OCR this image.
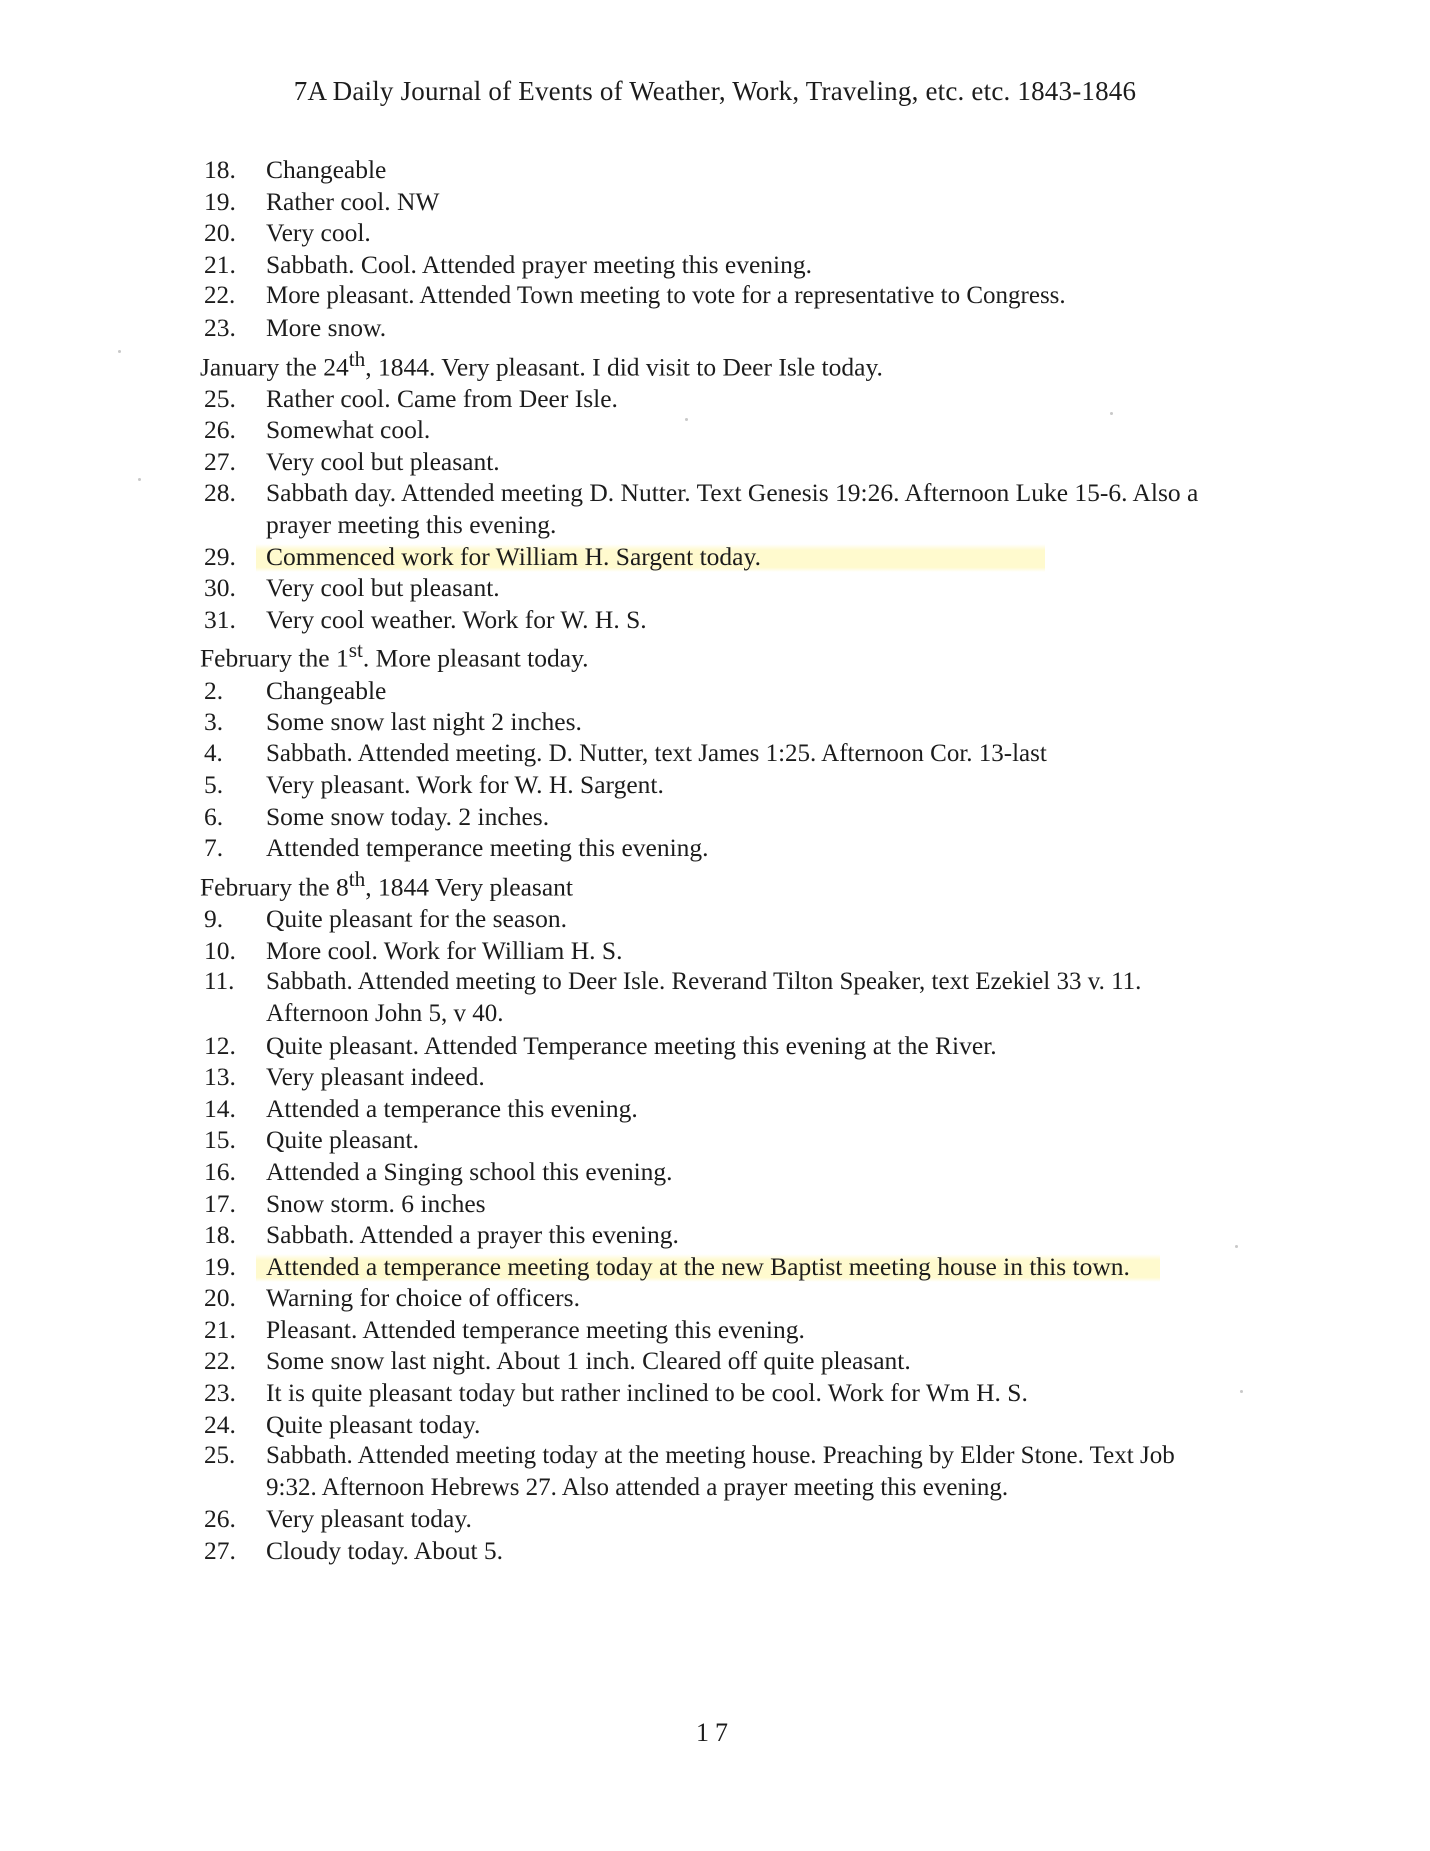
7A Daily Journal of Events of Weather, Work, Traveling, etc. etc. 1843-1846
18.	Changeable
19.	Rather cool. NW
20.	Very cool.
21.	Sabbath. Cool. Attended prayer meeting this evening.
22.	More pleasant. Attended Town meeting to vote for a representative to Congress.
23.	More snow.
January the 24th, 1844. Very pleasant. I did visit to Deer Isle today.
25.	Rather cool. Came from Deer Isle.
26.	Somewhat cool.
27.	Very cool but pleasant.
28.	Sabbath day. Attended meeting D. Nutter. Text Genesis 19:26. Afternoon Luke 15-6. Also a prayer meeting this evening.
29.	Commenced work for William H. Sargent today.
30.	Very cool but pleasant.
31.	Very cool weather. Work for W. H. S.
February the 1st. More pleasant today.
2.	Changeable
3.	Some snow last night 2 inches.
4.	Sabbath. Attended meeting. D. Nutter, text James 1:25. Afternoon Cor. 13-last
5.	Very pleasant. Work for W. H. Sargent.
6.	Some snow today. 2 inches.
7.	Attended temperance meeting this evening.
February the 8th, 1844 Very pleasant
9.	Quite pleasant for the season.
10.	More cool. Work for William H. S.
11.	Sabbath. Attended meeting to Deer Isle. Reverand Tilton Speaker, text Ezekiel 33 v. 11. Afternoon John 5, v 40.
12.	Quite pleasant. Attended Temperance meeting this evening at the River.
13.	Very pleasant indeed.
14.	Attended a temperance this evening.
15.	Quite pleasant.
16.	Attended a Singing school this evening.
17.	Snow storm. 6 inches
18.	Sabbath. Attended a prayer this evening.
19.	Attended a temperance meeting today at the new Baptist meeting house in this town.
20.	Warning for choice of officers.
21.	Pleasant. Attended temperance meeting this evening.
22.	Some snow last night. About 1 inch. Cleared off quite pleasant.
23.	It is quite pleasant today but rather inclined to be cool. Work for Wm H. S.
24.	Quite pleasant today.
25.	Sabbath. Attended meeting today at the meeting house. Preaching by Elder Stone. Text Job 9:32. Afternoon Hebrews 27. Also attended a prayer meeting this evening.
26.	Very pleasant today.
27.	Cloudy today. About 5.
17
